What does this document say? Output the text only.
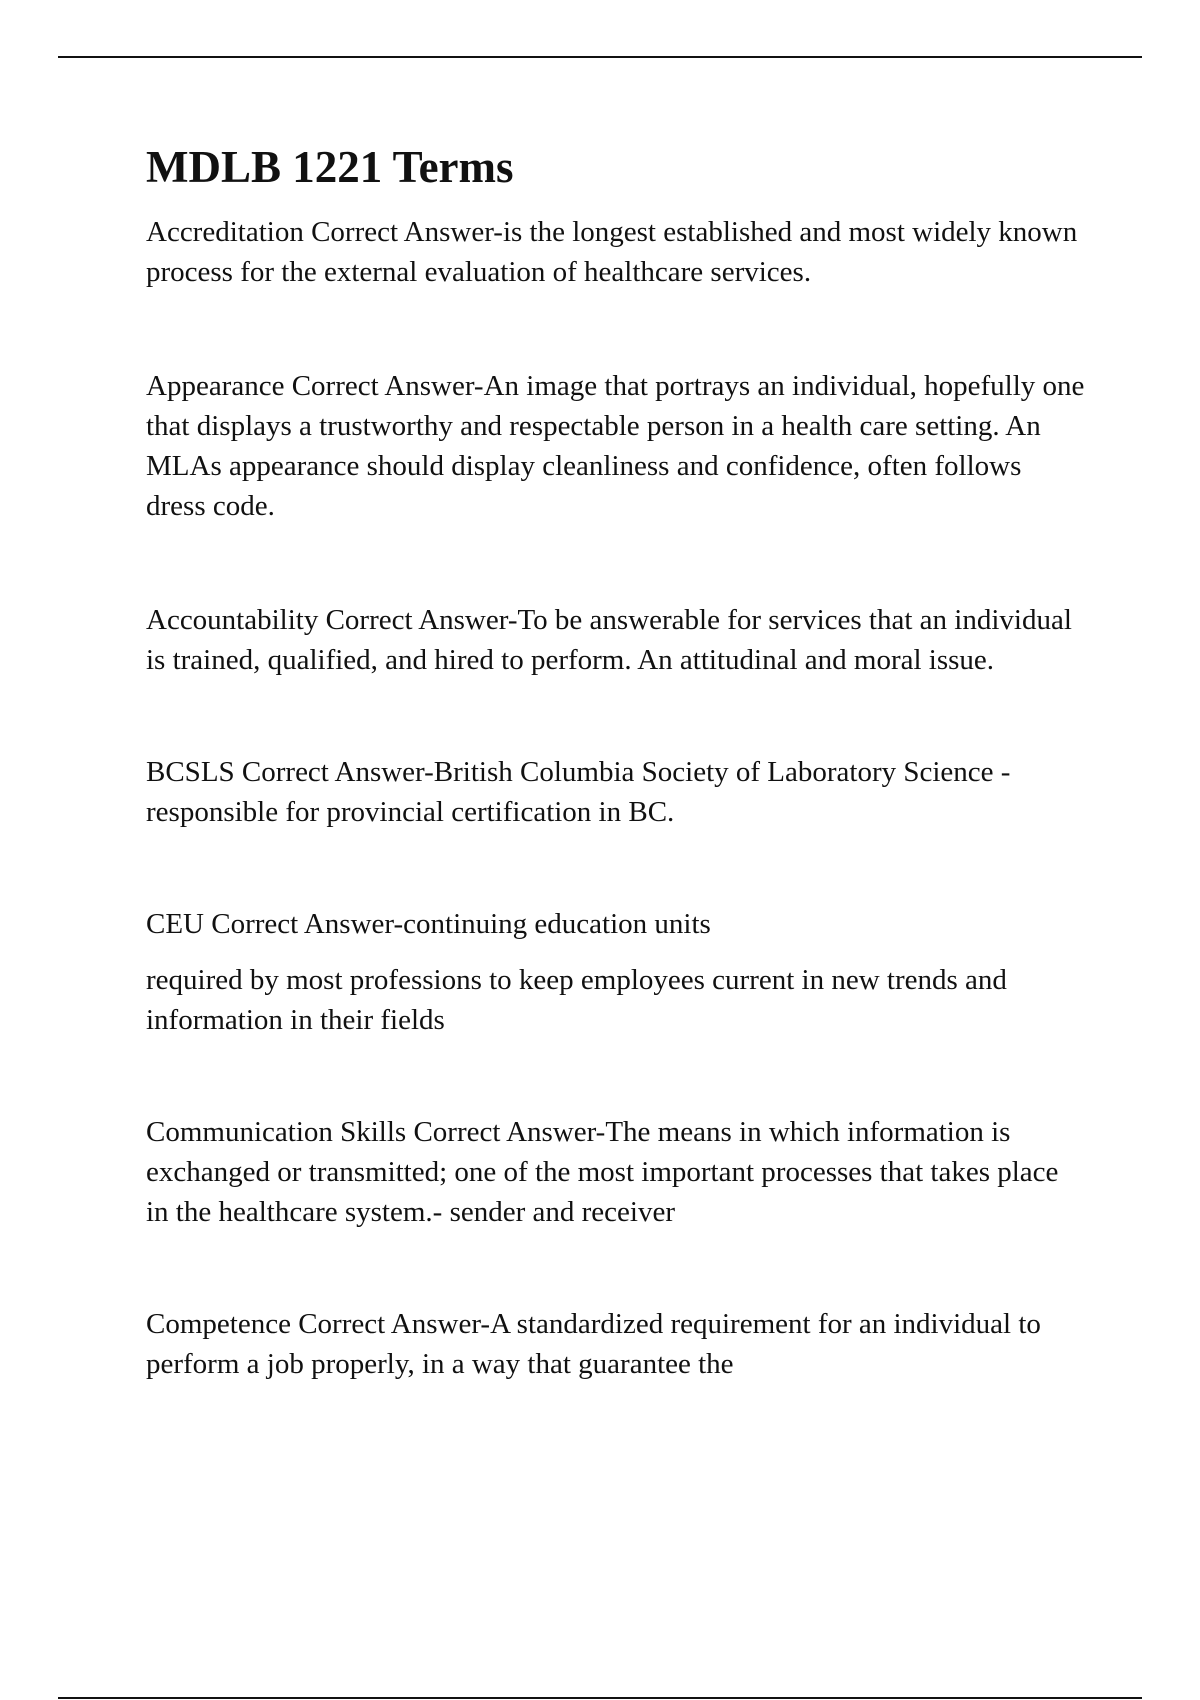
MDLB 1221 Terms

Accreditation Correct Answer-is the longest established and most widely known process for the external evaluation of healthcare services.

Appearance Correct Answer-An image that portrays an individual, hopefully one that displays a trustworthy and respectable person in a health care setting. An MLAs appearance should display cleanliness and confidence, often follows dress code.

Accountability Correct Answer-To be answerable for services that an individual is trained, qualified, and hired to perform. An attitudinal and moral issue.

BCSLS Correct Answer-British Columbia Society of Laboratory Science - responsible for provincial certification in BC.

CEU Correct Answer-continuing education units

required by most professions to keep employees current in new trends and information in their fields

Communication Skills Correct Answer-The means in which information is exchanged or transmitted; one of the most important processes that takes place in the healthcare system.- sender and receiver

Competence Correct Answer-A standardized requirement for an individual to perform a job properly, in a way that guarantee the
